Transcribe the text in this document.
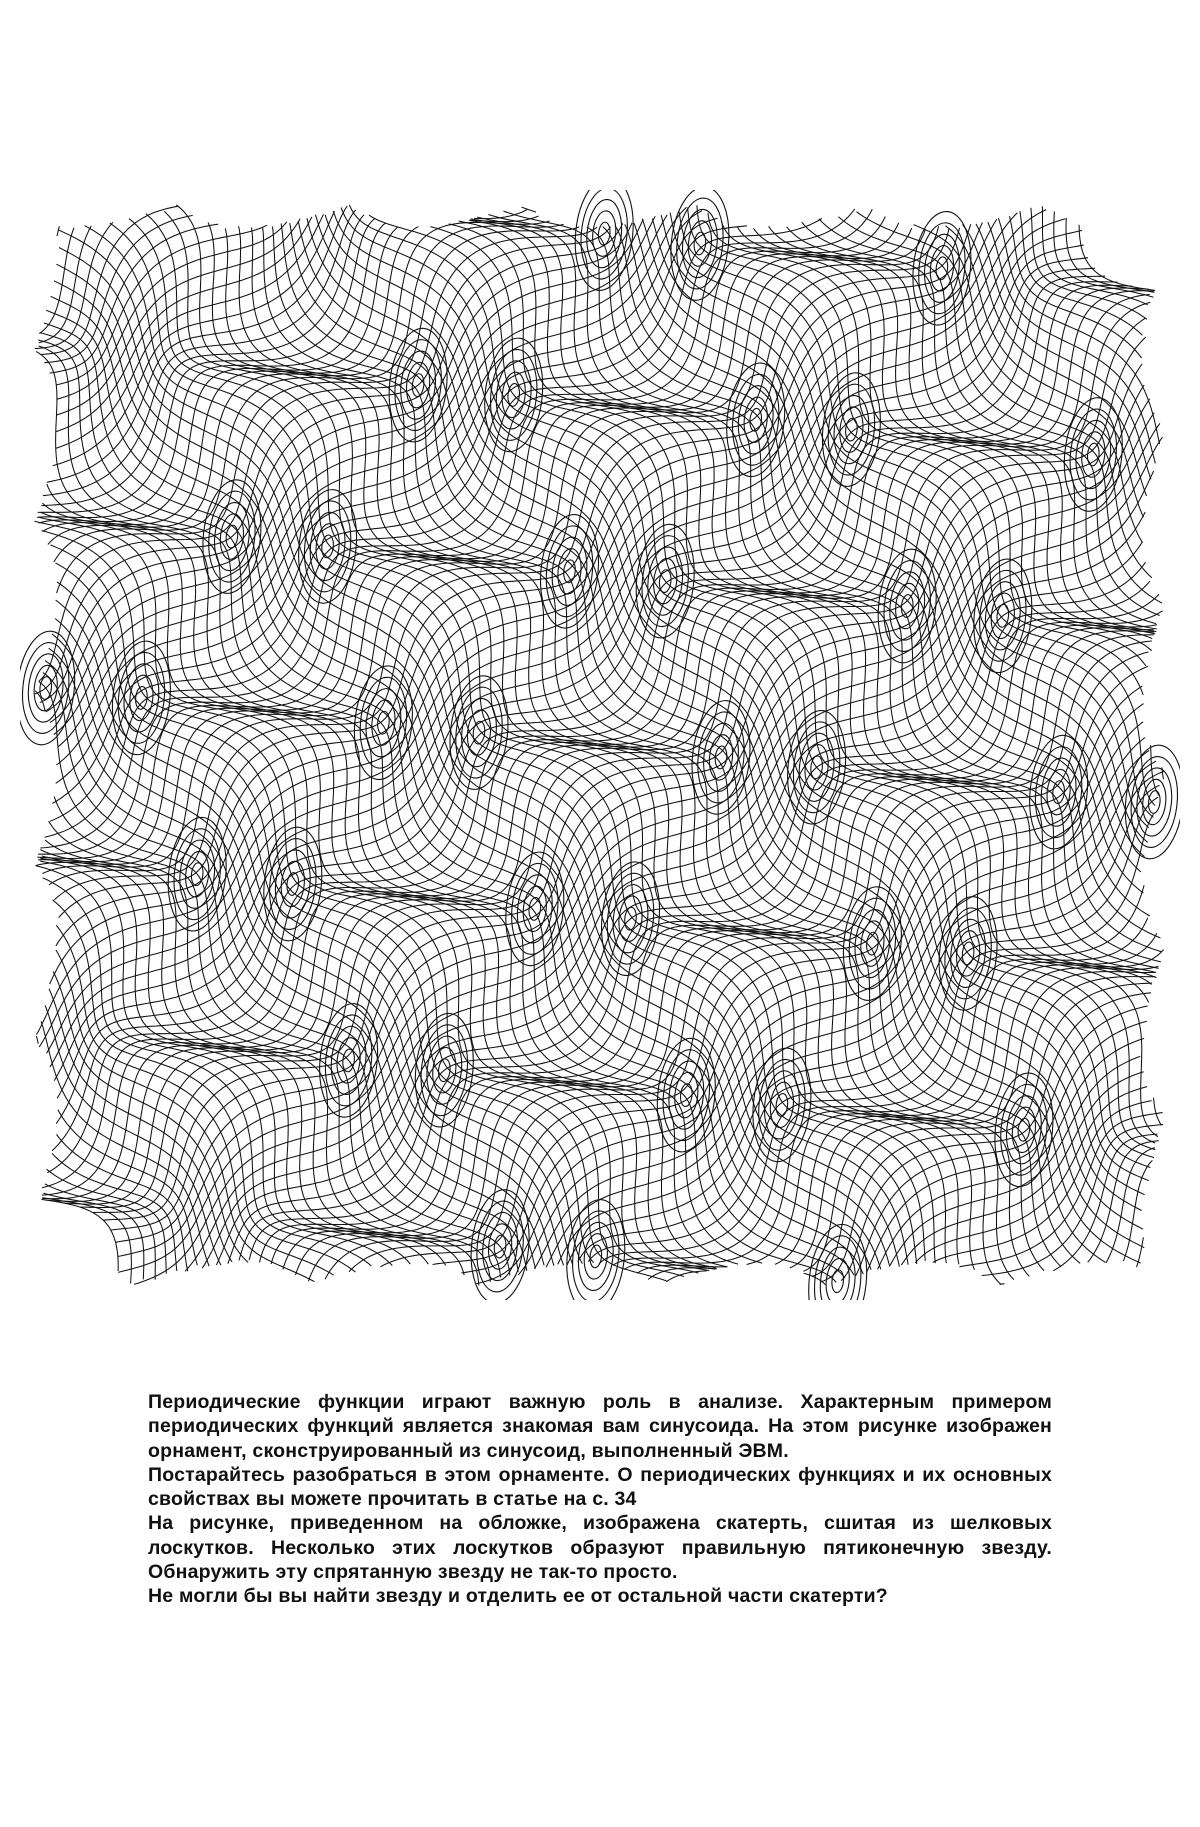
Периодические функции играют важную роль в анализе. Характерным примером периодических функций является знакомая вам синусоида. На этом рисунке изображен орнамент, сконструированный из синусоид, выполненный ЭВМ.

Постарайтесь разобраться в этом орнаменте. О периодических функциях и их основных свойствах вы можете прочитать в статье на с. 34

На рисунке, приведенном на обложке, изображена скатерть, сшитая из шелковых лоскутков. Несколько этих лоскутков образуют правильную пятиконечную звезду. Обнаружить эту спрятанную звезду не так-то просто.

Не могли бы вы найти звезду и отделить ее от остальной части скатерти?
